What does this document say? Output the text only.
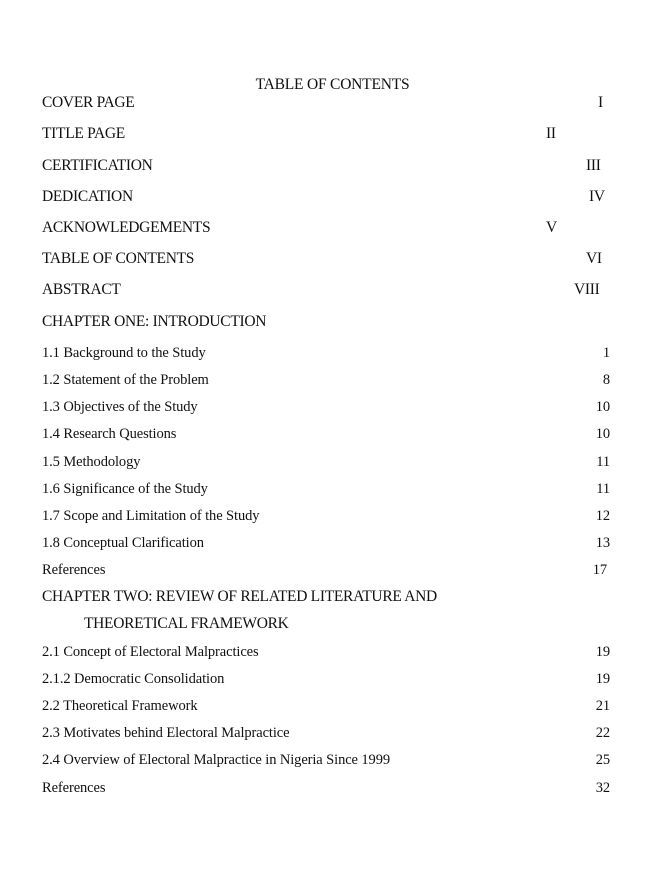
TABLE OF CONTENTS
COVER PAGE	I
TITLE PAGE	II
CERTIFICATION	III
DEDICATION	IV
ACKNOWLEDGEMENTS	V
TABLE OF CONTENTS	VI
ABSTRACT	VIII
CHAPTER ONE: INTRODUCTION
1.1 Background to the Study	1
1.2 Statement of the Problem	8
1.3 Objectives of the Study	10
1.4 Research Questions	10
1.5 Methodology	11
1.6 Significance of the Study	11
1.7 Scope and Limitation of the Study	12
1.8 Conceptual Clarification	13
References	17
CHAPTER TWO: REVIEW OF RELATED LITERATURE AND
THEORETICAL FRAMEWORK
2.1 Concept of Electoral Malpractices	19
2.1.2 Democratic Consolidation	19
2.2 Theoretical Framework	21
2.3 Motivates behind Electoral Malpractice	22
2.4 Overview of Electoral Malpractice in Nigeria Since 1999	25
References	32
